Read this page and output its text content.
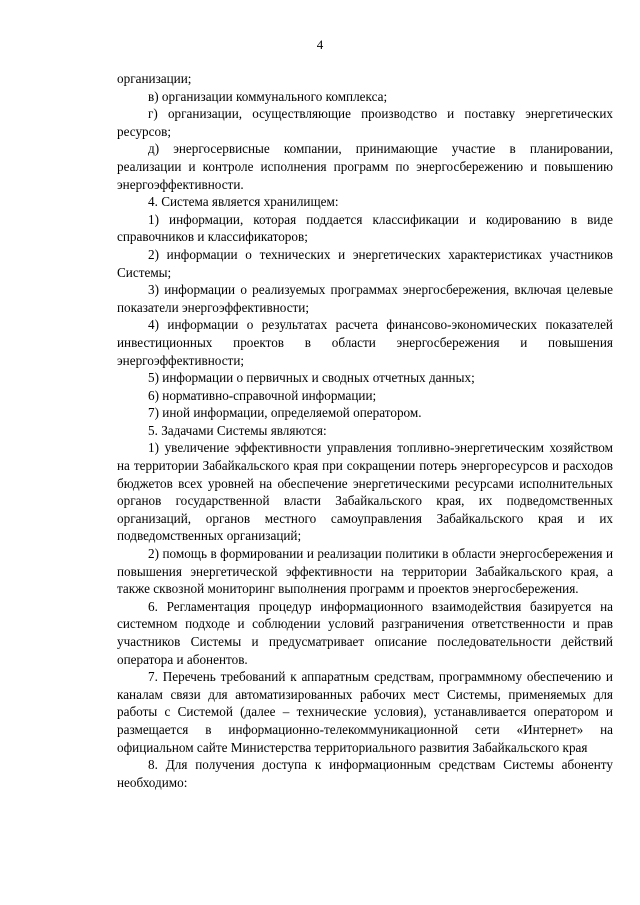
4

организации;

в) организации коммунального комплекса;

г) организации, осуществляющие производство и поставку энергетических ресурсов;

д) энергосервисные компании, принимающие участие в планировании, реализации и контроле исполнения программ по энергосбережению и повышению энергоэффективности.

4. Система является хранилищем:

1) информации, которая поддается классификации и кодированию в виде справочников и классификаторов;

2) информации о технических и энергетических характеристиках участников Системы;

3) информации о реализуемых программах энергосбережения, включая целевые показатели энергоэффективности;

4) информации о результатах расчета финансово-экономических показателей инвестиционных проектов в области энергосбережения и повышения энергоэффективности;

5) информации о первичных и сводных отчетных данных;

6) нормативно-справочной информации;

7) иной информации, определяемой оператором.

5. Задачами Системы являются:

1) увеличение эффективности управления топливно-энергетическим хозяйством на территории Забайкальского края при сокращении потерь энергоресурсов и расходов бюджетов всех уровней на обеспечение энергетическими ресурсами исполнительных органов государственной власти Забайкальского края, их подведомственных организаций, органов местного самоуправления Забайкальского края и их подведомственных организаций;

2) помощь в формировании и реализации политики в области энергосбережения и повышения энергетической эффективности на территории Забайкальского края, а также сквозной мониторинг выполнения программ и проектов энергосбережения.

6. Регламентация процедур информационного взаимодействия базируется на системном подходе и соблюдении условий разграничения ответственности и прав участников Системы и предусматривает описание последовательности действий оператора и абонентов.

7. Перечень требований к аппаратным средствам, программному обеспечению и каналам связи для автоматизированных рабочих мест Системы, применяемых для работы с Системой (далее – технические условия), устанавливается оператором и размещается в информационно-телекоммуникационной сети «Интернет» на официальном сайте Министерства территориального развития Забайкальского края

8. Для получения доступа к информационным средствам Системы абоненту необходимо:
